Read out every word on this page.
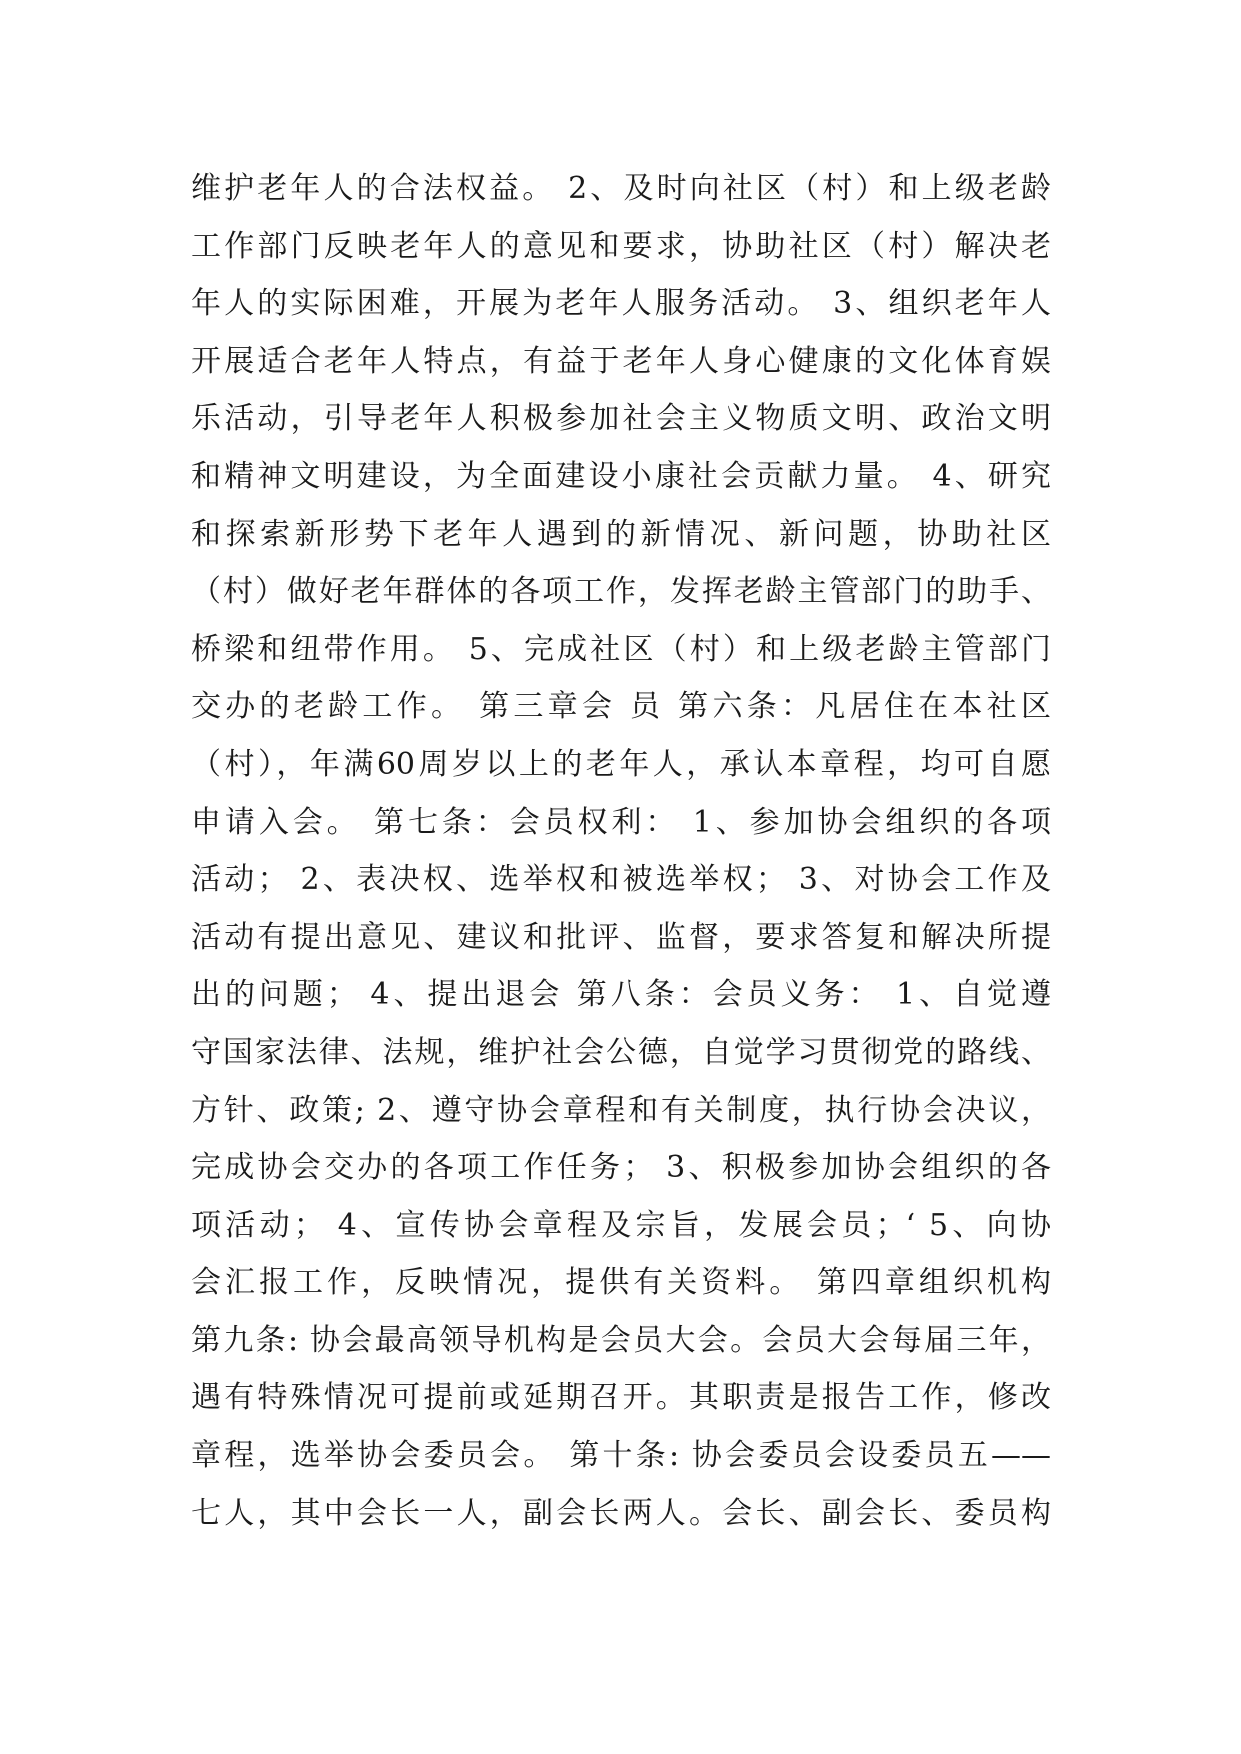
维护老年人的合法权益。 2、及时向社区（村）和上级老龄
工作部门反映老年人的意见和要求，协助社区（村）解决老
年人的实际困难，开展为老年人服务活动。 3、组织老年人
开展适合老年人特点，有益于老年人身心健康的文化体育娱
乐活动，引导老年人积极参加社会主义物质文明、政治文明
和精神文明建设，为全面建设小康社会贡献力量。 4、研究
和探索新形势下老年人遇到的新情况、新问题，协助社区
（村）做好老年群体的各项工作，发挥老龄主管部门的助手、
桥梁和纽带作用。 5、完成社区（村）和上级老龄主管部门
交办的老龄工作。 第三章会 员 第六条：凡居住在本社区
（村），年满60周岁以上的老年人，承认本章程，均可自愿
申请入会。 第七条：会员权利： 1、参加协会组织的各项
活动； 2、表决权、选举权和被选举权； 3、对协会工作及
活动有提出意见、建议和批评、监督，要求答复和解决所提
出的问题； 4、提出退会 第八条：会员义务： 1、自觉遵
守国家法律、法规，维护社会公德，自觉学习贯彻党的路线、
方针、政策; 2、遵守协会章程和有关制度，执行协会决议，
完成协会交办的各项工作任务； 3、积极参加协会组织的各
项活动； 4、宣传协会章程及宗旨，发展会员；‘ 5、向协
会汇报工作，反映情况，提供有关资料。 第四章组织机构
第九条: 协会最高领导机构是会员大会。会员大会每届三年，
遇有特殊情况可提前或延期召开。其职责是报告工作，修改
章程，选举协会委员会。 第十条: 协会委员会设委员五——
七人，其中会长一人，副会长两人。会长、副会长、委员构
